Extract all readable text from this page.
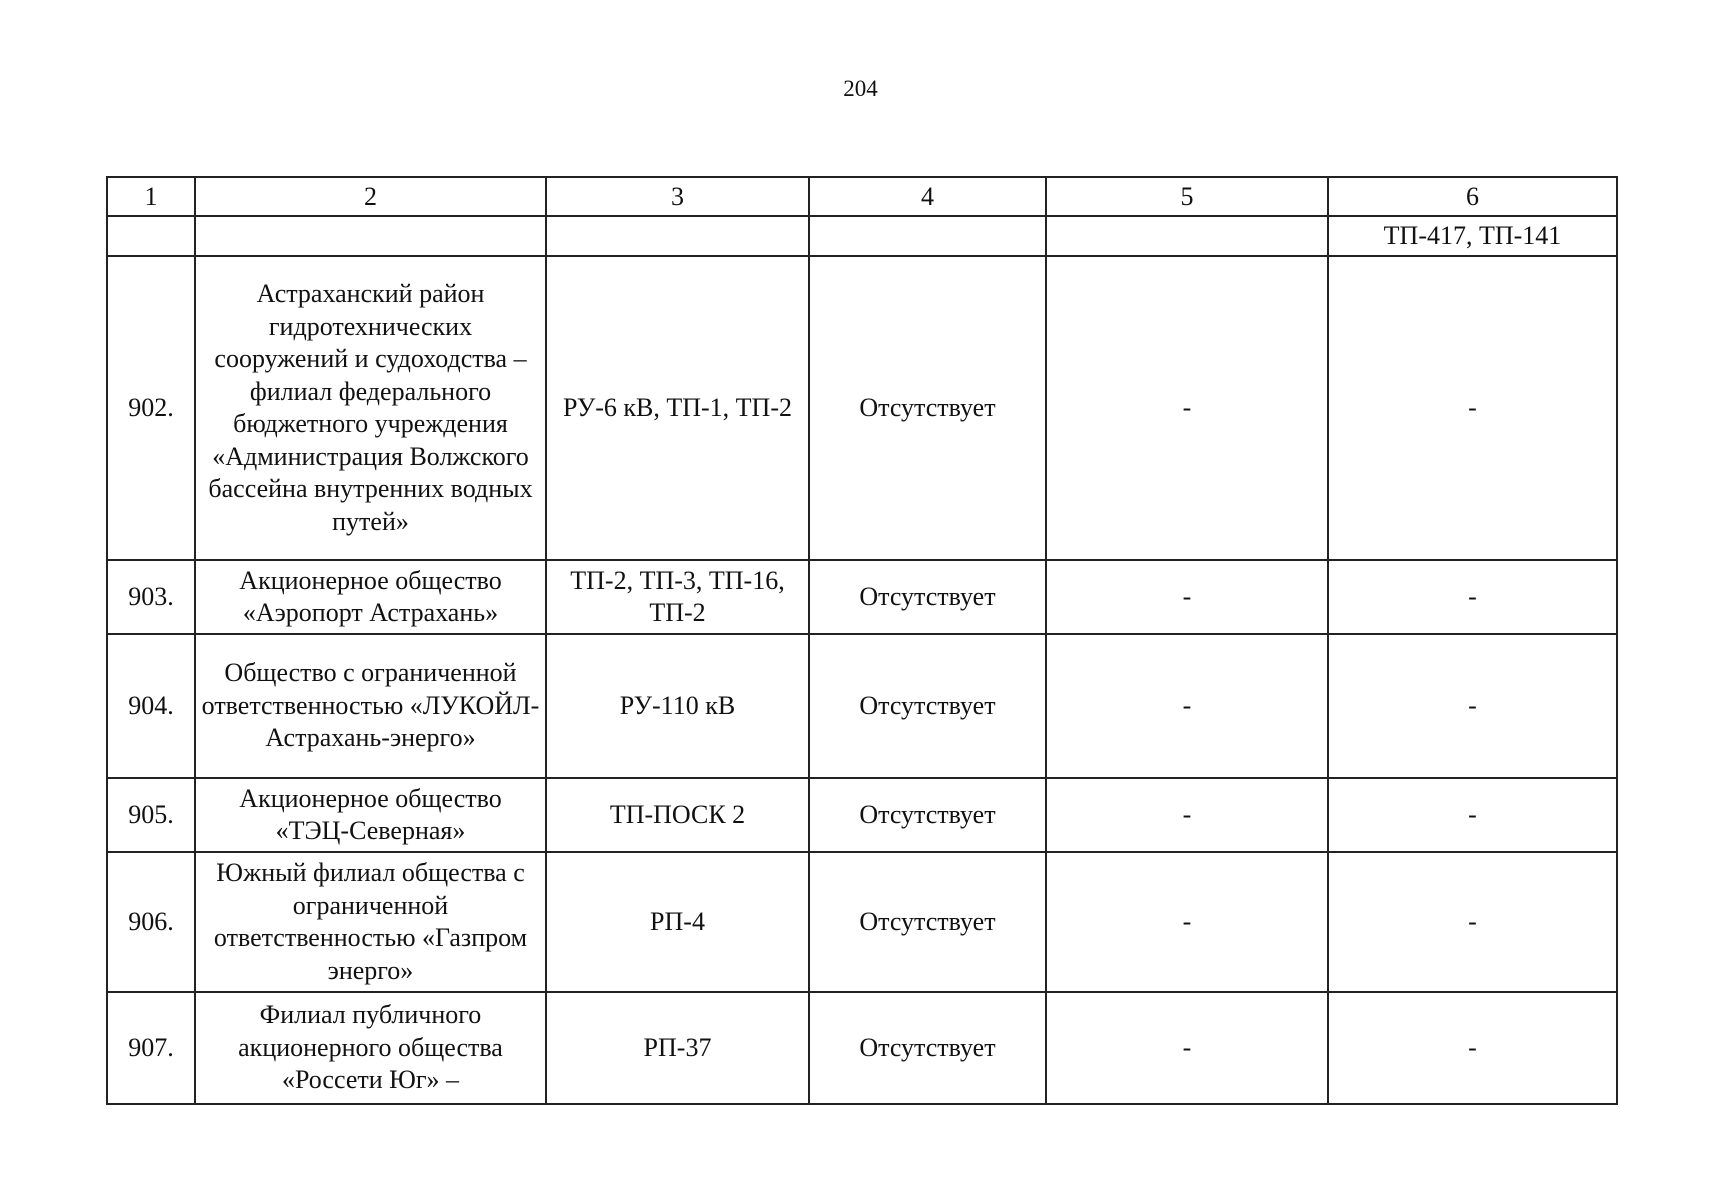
204
1	2	3	4	5	6
					ТП-417, ТП-141
902.	Астраханский район гидротехнических сооружений и судоходства – филиал федерального бюджетного учреждения «Администрация Волжского бассейна внутренних водных путей»	РУ-6 кВ, ТП-1, ТП-2	Отсутствует	-	-
903.	Акционерное общество «Аэропорт Астрахань»	ТП-2, ТП-3, ТП-16, ТП-2	Отсутствует	-	-
904.	Общество с ограниченной ответственностью «ЛУКОЙЛ-Астрахань-энерго»	РУ-110 кВ	Отсутствует	-	-
905.	Акционерное общество «ТЭЦ-Северная»	ТП-ПОСК 2	Отсутствует	-	-
906.	Южный филиал общества с ограниченной ответственностью «Газпром энерго»	РП-4	Отсутствует	-	-
907.	Филиал публичного акционерного общества «Россети Юг» –	РП-37	Отсутствует	-	-
